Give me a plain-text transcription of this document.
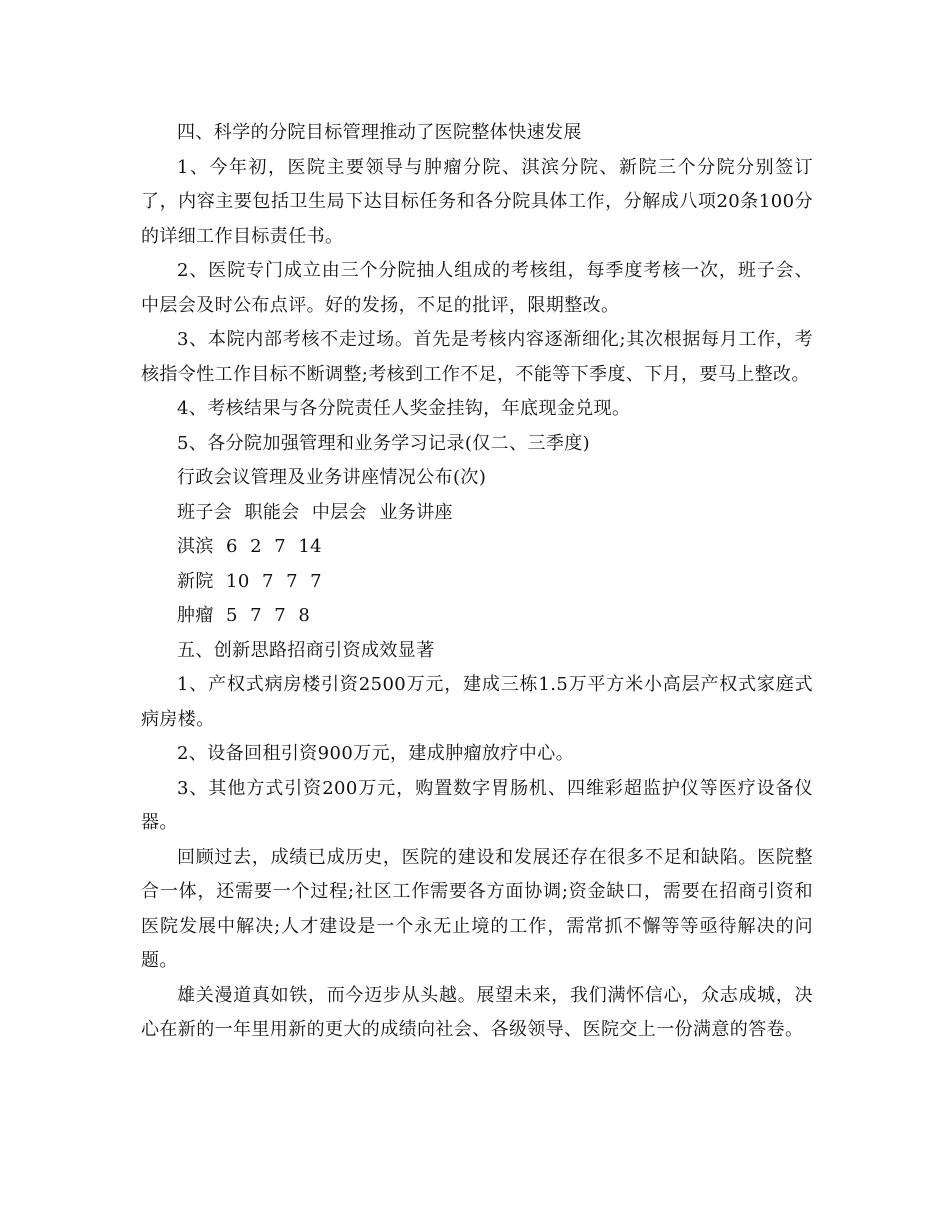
四、科学的分院目标管理推动了医院整体快速发展

1、今年初，医院主要领导与肿瘤分院、淇滨分院、新院三个分院分别签订了，内容主要包括卫生局下达目标任务和各分院具体工作，分解成八项20条100分的详细工作目标责任书。

2、医院专门成立由三个分院抽人组成的考核组，每季度考核一次，班子会、中层会及时公布点评。好的发扬，不足的批评，限期整改。

3、本院内部考核不走过场。首先是考核内容逐渐细化;其次根据每月工作，考核指令性工作目标不断调整;考核到工作不足，不能等下季度、下月，要马上整改。

4、考核结果与各分院责任人奖金挂钩，年底现金兑现。

5、各分院加强管理和业务学习记录(仅二、三季度)

行政会议管理及业务讲座情况公布(次)

班子会  职能会  中层会  业务讲座

淇滨  6  2  7  14

新院  10  7  7  7

肿瘤  5  7  7  8

五、创新思路招商引资成效显著

1、产权式病房楼引资2500万元，建成三栋1.5万平方米小高层产权式家庭式病房楼。

2、设备回租引资900万元，建成肿瘤放疗中心。

3、其他方式引资200万元，购置数字胃肠机、四维彩超监护仪等医疗设备仪器。

回顾过去，成绩已成历史，医院的建设和发展还存在很多不足和缺陷。医院整合一体，还需要一个过程;社区工作需要各方面协调;资金缺口，需要在招商引资和医院发展中解决;人才建设是一个永无止境的工作，需常抓不懈等等亟待解决的问题。

雄关漫道真如铁，而今迈步从头越。展望未来，我们满怀信心，众志成城，决心在新的一年里用新的更大的成绩向社会、各级领导、医院交上一份满意的答卷。
